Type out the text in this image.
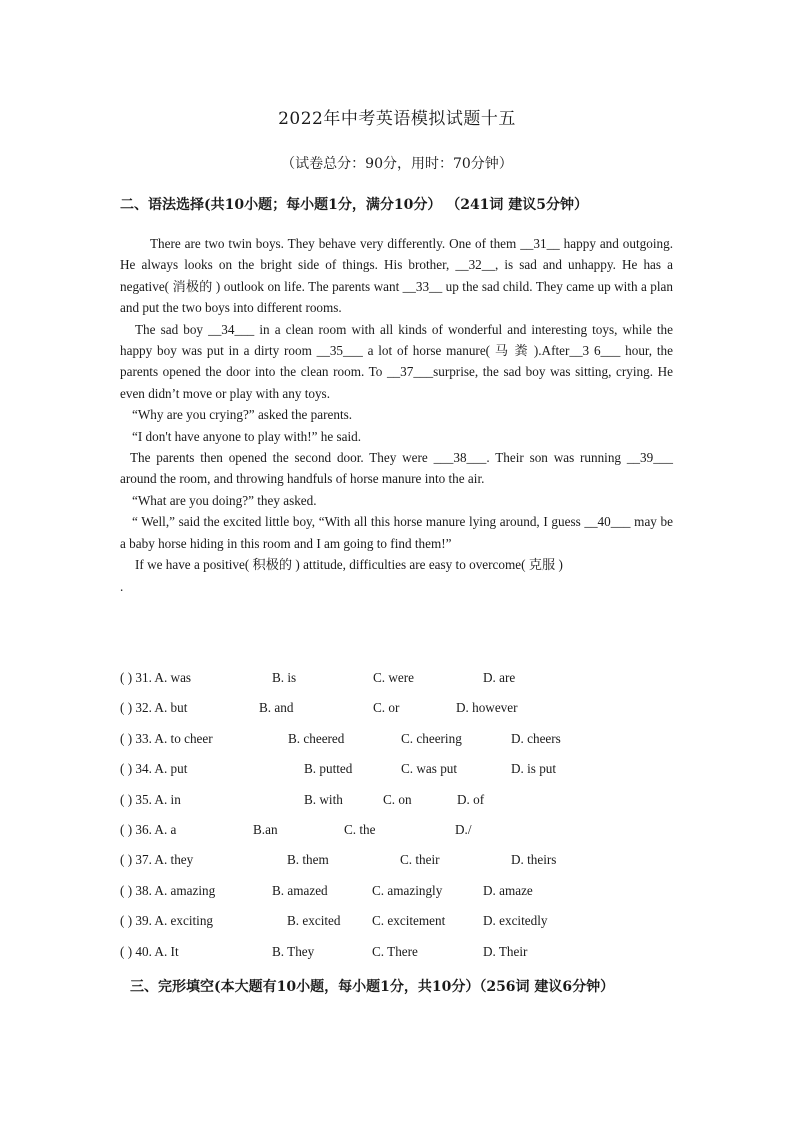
2022年中考英语模拟试题十五
（试卷总分：90分，用时：70分钟）
二、语法选择(共10小题；每小题1分，满分10分） （241词 建议5分钟）

There are two twin boys. They behave very differently. One of them __31__ happy and outgoing. He always looks on the bright side of things. His brother, __32__, is sad and unhappy. He has a negative( 消极的 ) outlook on life. The parents want __33__ up the sad child. They came up with a plan and put the two boys into different rooms.

The sad boy __34___ in a clean room with all kinds of wonderful and interesting toys, while the happy boy was put in a dirty room __35___ a lot of horse manure( 马 粪 ).After__3 6___ hour, the parents opened the door into the clean room. To __37___surprise, the sad boy was sitting, crying. He even didn’t move or play with any toys.

“Why are you crying?” asked the parents.

“I don't have anyone to play with!” he said.

The parents then opened the second door. They were ___38___. Their son was running __39___ around the room, and throwing handfuls of horse manure into the air.

“What are you doing?” they asked.

“ Well,” said the excited little boy, “With all this horse manure lying around, I guess __40___ may be a baby horse hiding in this room and I am going to find them!”

If we have a positive( 积极的 ) attitude, difficulties are easy to overcome( 克服 )

.

( ) 31. A. was	B. is	C. were	D. are
( ) 32. A. but	B. and	C. or	D. however
( ) 33. A. to cheer	B. cheered	C. cheering	D. cheers
( ) 34. A. put	B. putted	C. was put	D. is put
( ) 35. A. in	B. with	C. on	D. of
( ) 36. A. a	B.an	C. the	D./
( ) 37. A. they	B. them	C. their	D. theirs
( ) 38. A. amazing	B. amazed	C. amazingly	D. amaze
( ) 39. A. exciting	B. excited C. excitement	D. excitedly
( ) 40. A. It	B. They	C. There	D. Their
三、完形填空(本大题有10小题，每小题1分，共10分）（256词 建议6分钟）
